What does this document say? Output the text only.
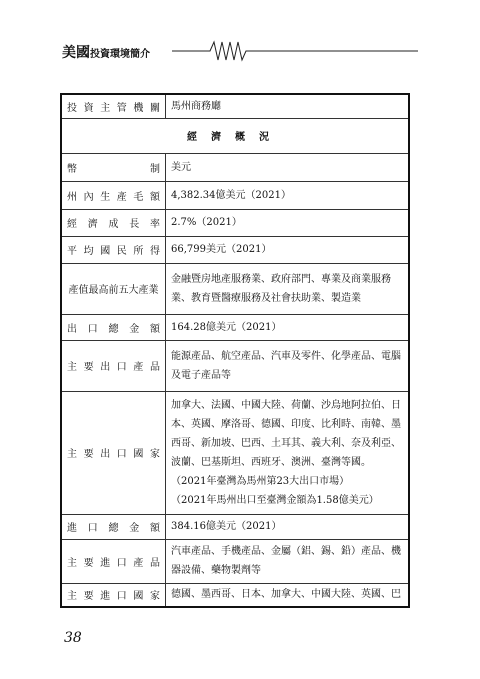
美國投資環境簡介
投資主管機關	馬州商務廳
經濟概況	

幣制	美元

州內生產毛額	4,382.34億美元（2021）

經濟成長率	2.7%（2021）

平均國民所得	66,799美元（2021）

產值最高前五大產業	金融暨房地產服務業、政府部門、專業及商業服務業、教育暨醫療服務及社會扶助業、製造業

出口總金額	164.28億美元（2021）

主要出口產品	能源產品、航空產品、汽車及零件、化學產品、電腦及電子產品等

主要出口國家	加拿大、法國、中國大陸、荷蘭、沙烏地阿拉伯、日本、英國、摩洛哥、德國、印度、比利時、南韓、墨西哥、新加坡、巴西、土耳其、義大利、奈及利亞、波蘭、巴基斯坦、西班牙、澳洲、臺灣等國。
（2021年臺灣為馬州第23大出口市場）
（2021年馬州出口至臺灣金額為1.58億美元）

進口總金額	384.16億美元（2021）

主要進口產品	汽車產品、手機產品、金屬（鋁、錫、鉛）產品、機器設備、藥物製劑等

主要進口國家	德國、墨西哥、日本、加拿大、中國大陸、英國、巴
38
